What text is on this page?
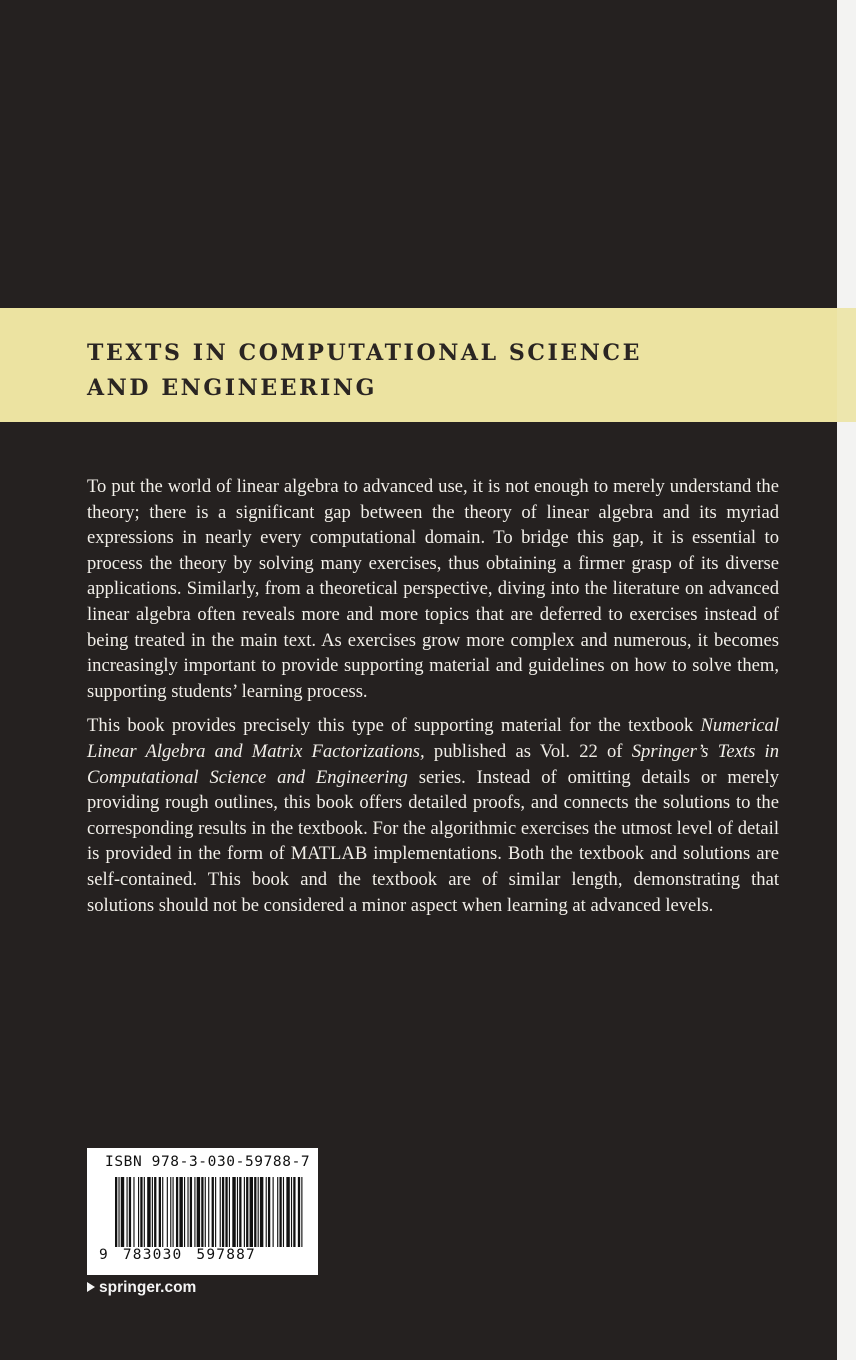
TEXTS IN COMPUTATIONAL SCIENCE
AND ENGINEERING

To put the world of linear algebra to advanced use, it is not enough to merely understand the theory; there is a significant gap between the theory of linear algebra and its myriad expressions in nearly every computational domain. To bridge this gap, it is essential to process the theory by solving many exercises, thus obtaining a firmer grasp of its diverse applications. Similarly, from a theoretical perspective, diving into the literature on advanced linear algebra often reveals more and more topics that are deferred to exercises instead of being treated in the main text. As exercises grow more complex and numerous, it becomes increasingly important to provide supporting material and guidelines on how to solve them, supporting students’ learning process.

This book provides precisely this type of supporting material for the textbook Numerical Linear Algebra and Matrix Factorizations, published as Vol. 22 of Springer’s Texts in Computational Science and Engineering series. Instead of omitting details or merely providing rough outlines, this book offers detailed proofs, and connects the solutions to the corresponding results in the textbook. For the algorithmic exercises the utmost level of detail is provided in the form of MATLAB implementations. Both the textbook and solutions are self-contained. This book and the textbook are of similar length, demonstrating that solutions should not be considered a minor aspect when learning at advanced levels.

ISBN 978-3-030-59788-7
9 783030 597887
springer.com
